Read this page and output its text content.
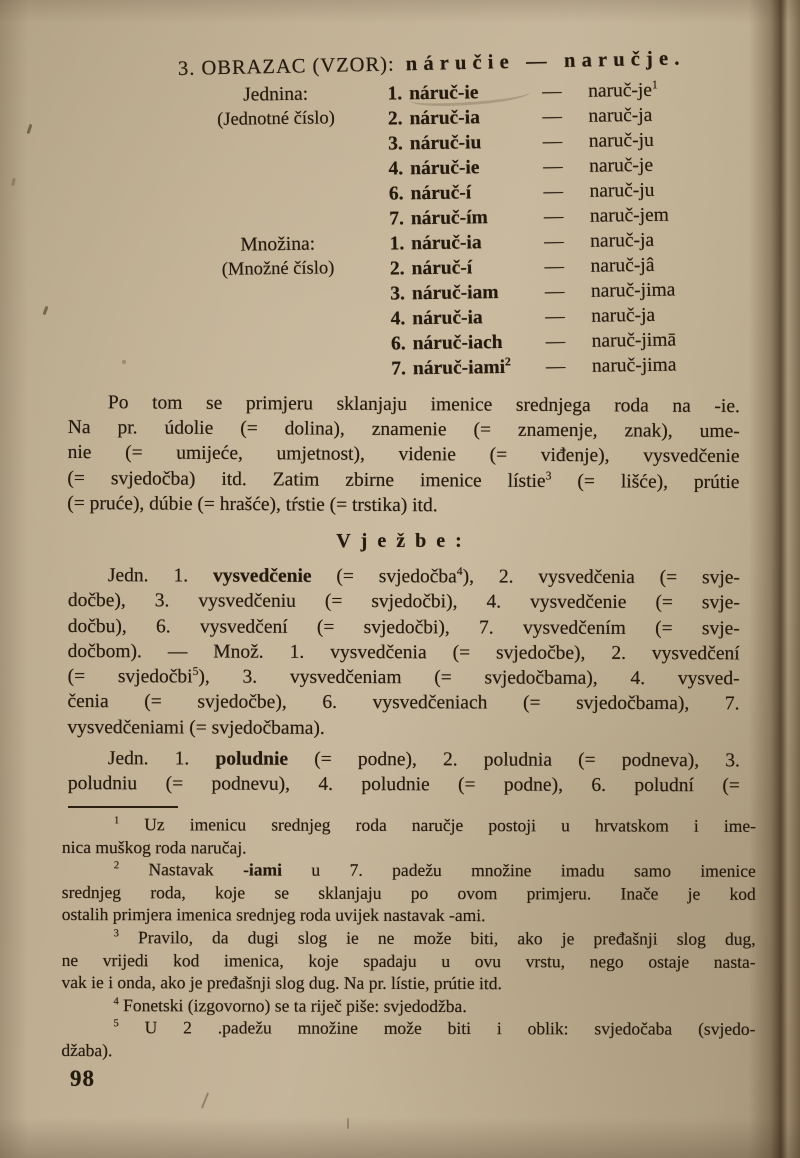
3. OBRAZAC (VZOR): náručie — naručje.
Jednina:
(Jednotné číslo)
1. náruč-ie	—	naruč-$je^1$
2. náruč-ia	—	naruč-ja
3. náruč-iu	—	naruč-ju
4. náruč-ie	—	naruč-je
6. náruč-í	—	naruč-ju
7. náruč-ím	—	naruč-jem
Množina:
(Množné číslo)
1. náruč-ia	—	naruč-ja
2. náruč-í	—	naruč-jâ
3. náruč-iam	—	naruč-jima
4. náruč-ia	—	naruč-ja
6. náruč-iach	—	naruč-jimā
7. náruč-iami$^2$	—	naruč-jima
Po tom se primjeru sklanjaju imenice srednjega roda na -ie.
Na pr. údolie (= dolina), znamenie (= znamenje, znak), ume-
nie (= umijeće, umjetnost), videnie (= viđenje), vysvedčenie
(= svjedočba) itd. Zatim zbirne imenice lístie$^3$ (= lišće), prútie
(= pruće), dúbie (= hrašće), tŕstie (= trstika) itd.
Vježbe:
Jedn. 1. vysvedčenie (= svjedočba$^4$), 2. vysvedčenia (= svje-
dočbe), 3. vysvedčeniu (= svjedočbi), 4. vysvedčenie (= svje-
dočbu), 6. vysvedčení (= svjedočbi), 7. vysvedčením (= svje-
dočbom). — Množ. 1. vysvedčenia (= svjedočbe), 2. vysvedčení
(= svjedočbi$^5$), 3. vysvedčeniam (= svjedočbama), 4. vysved-
čenia (= svjedočbe), 6. vysvedčeniach (= svjedočbama), 7.
vysvedčeniami (= svjedočbama).
Jedn. 1. poludnie (= podne), 2. poludnia (= podneva), 3.
poludniu (= podnevu), 4. poludnie (= podne), 6. poludní (=
$^1$ Uz imenicu srednjeg roda naručje postoji u hrvatskom i ime-
nica muškog roda naručaj.
$^2$ Nastavak -iami u 7. padežu množine imadu samo imenice
srednjeg roda, koje se sklanjaju po ovom primjeru. Inače je kod
ostalih primjera imenica srednjeg roda uvijek nastavak -ami.
$^3$ Pravilo, da dugi slog ie ne može biti, ako je pređašnji slog dug,
ne vrijedi kod imenica, koje spadaju u ovu vrstu, nego ostaje nasta-
vak ie i onda, ako je pređašnji slog dug. Na pr. lístie, prútie itd.
$^4$ Fonetski (izgovorno) se ta riječ piše: svjedodžba.
$^5$ U 2 .padežu množine može biti i oblik: svjedočaba (svjedo-
džaba).
98
